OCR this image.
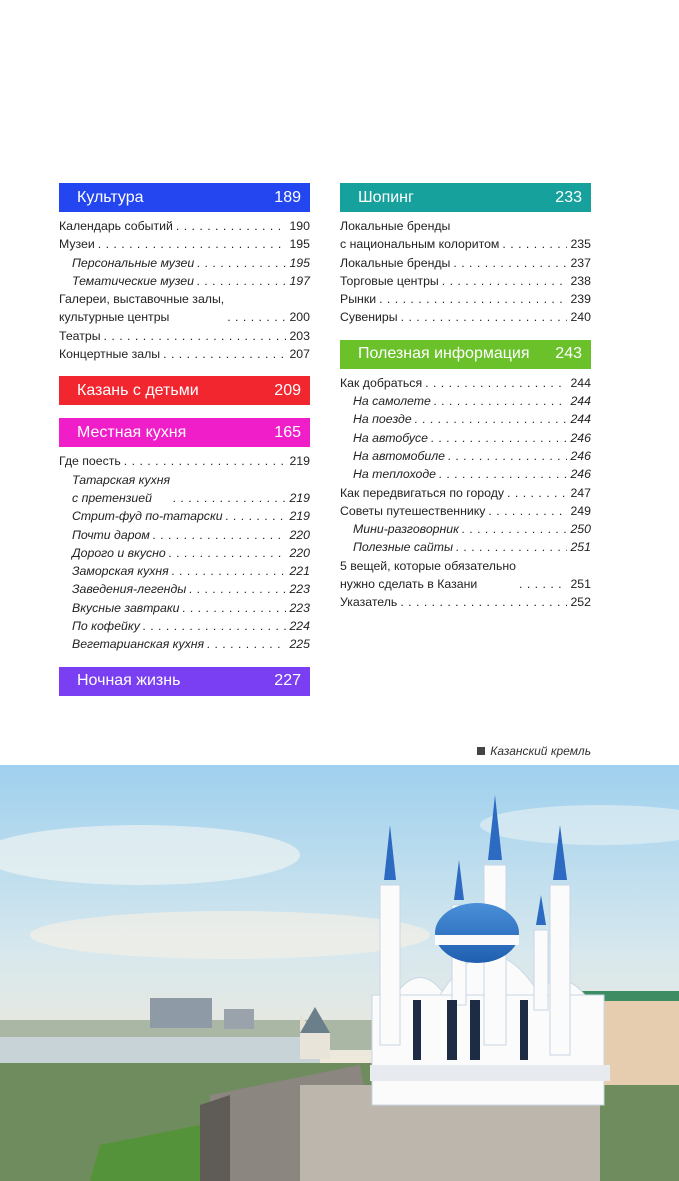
Культура	189
Календарь событий . . .	190
Музеи . . .	195
Персональные музеи . . .	195
Тематические музеи . . .	197
Галереи, выставочные залы,
культурные центры . . .	200
Театры . . .	203
Концертные залы . . .	207
Казань с детьми	209
Местная кухня	165
Где поесть . . .	219
Татарская кухня
с претензией . . .	219
Стрит-фуд по-татарски . . .	219
Почти даром . . .	220
Дорого и вкусно . . .	220
Заморская кухня . . .	221
Заведения-легенды . . .	223
Вкусные завтраки . . .	223
По кофейку . . .	224
Вегетарианская кухня . . .	225
Ночная жизнь	227
Шопинг	233
Локальные бренды
с национальным колоритом . . .	235
Локальные бренды . . .	237
Торговые центры . . .	238
Рынки . . .	239
Сувениры . . .	240
Полезная информация 243
Как добраться . . .	244
На самолете . . .	244
На поезде . . .	244
На автобусе . . .	246
На автомобиле . . .	246
На теплоходе . . .	246
Как передвигаться по городу . . .	247
Советы путешественнику . . .	249
Мини-разговорник . . .	250
Полезные сайты . . .	251
5 вещей, которые обязательно
нужно сделать в Казани . . .	251
Указатель . . .	252
Казанский кремль
